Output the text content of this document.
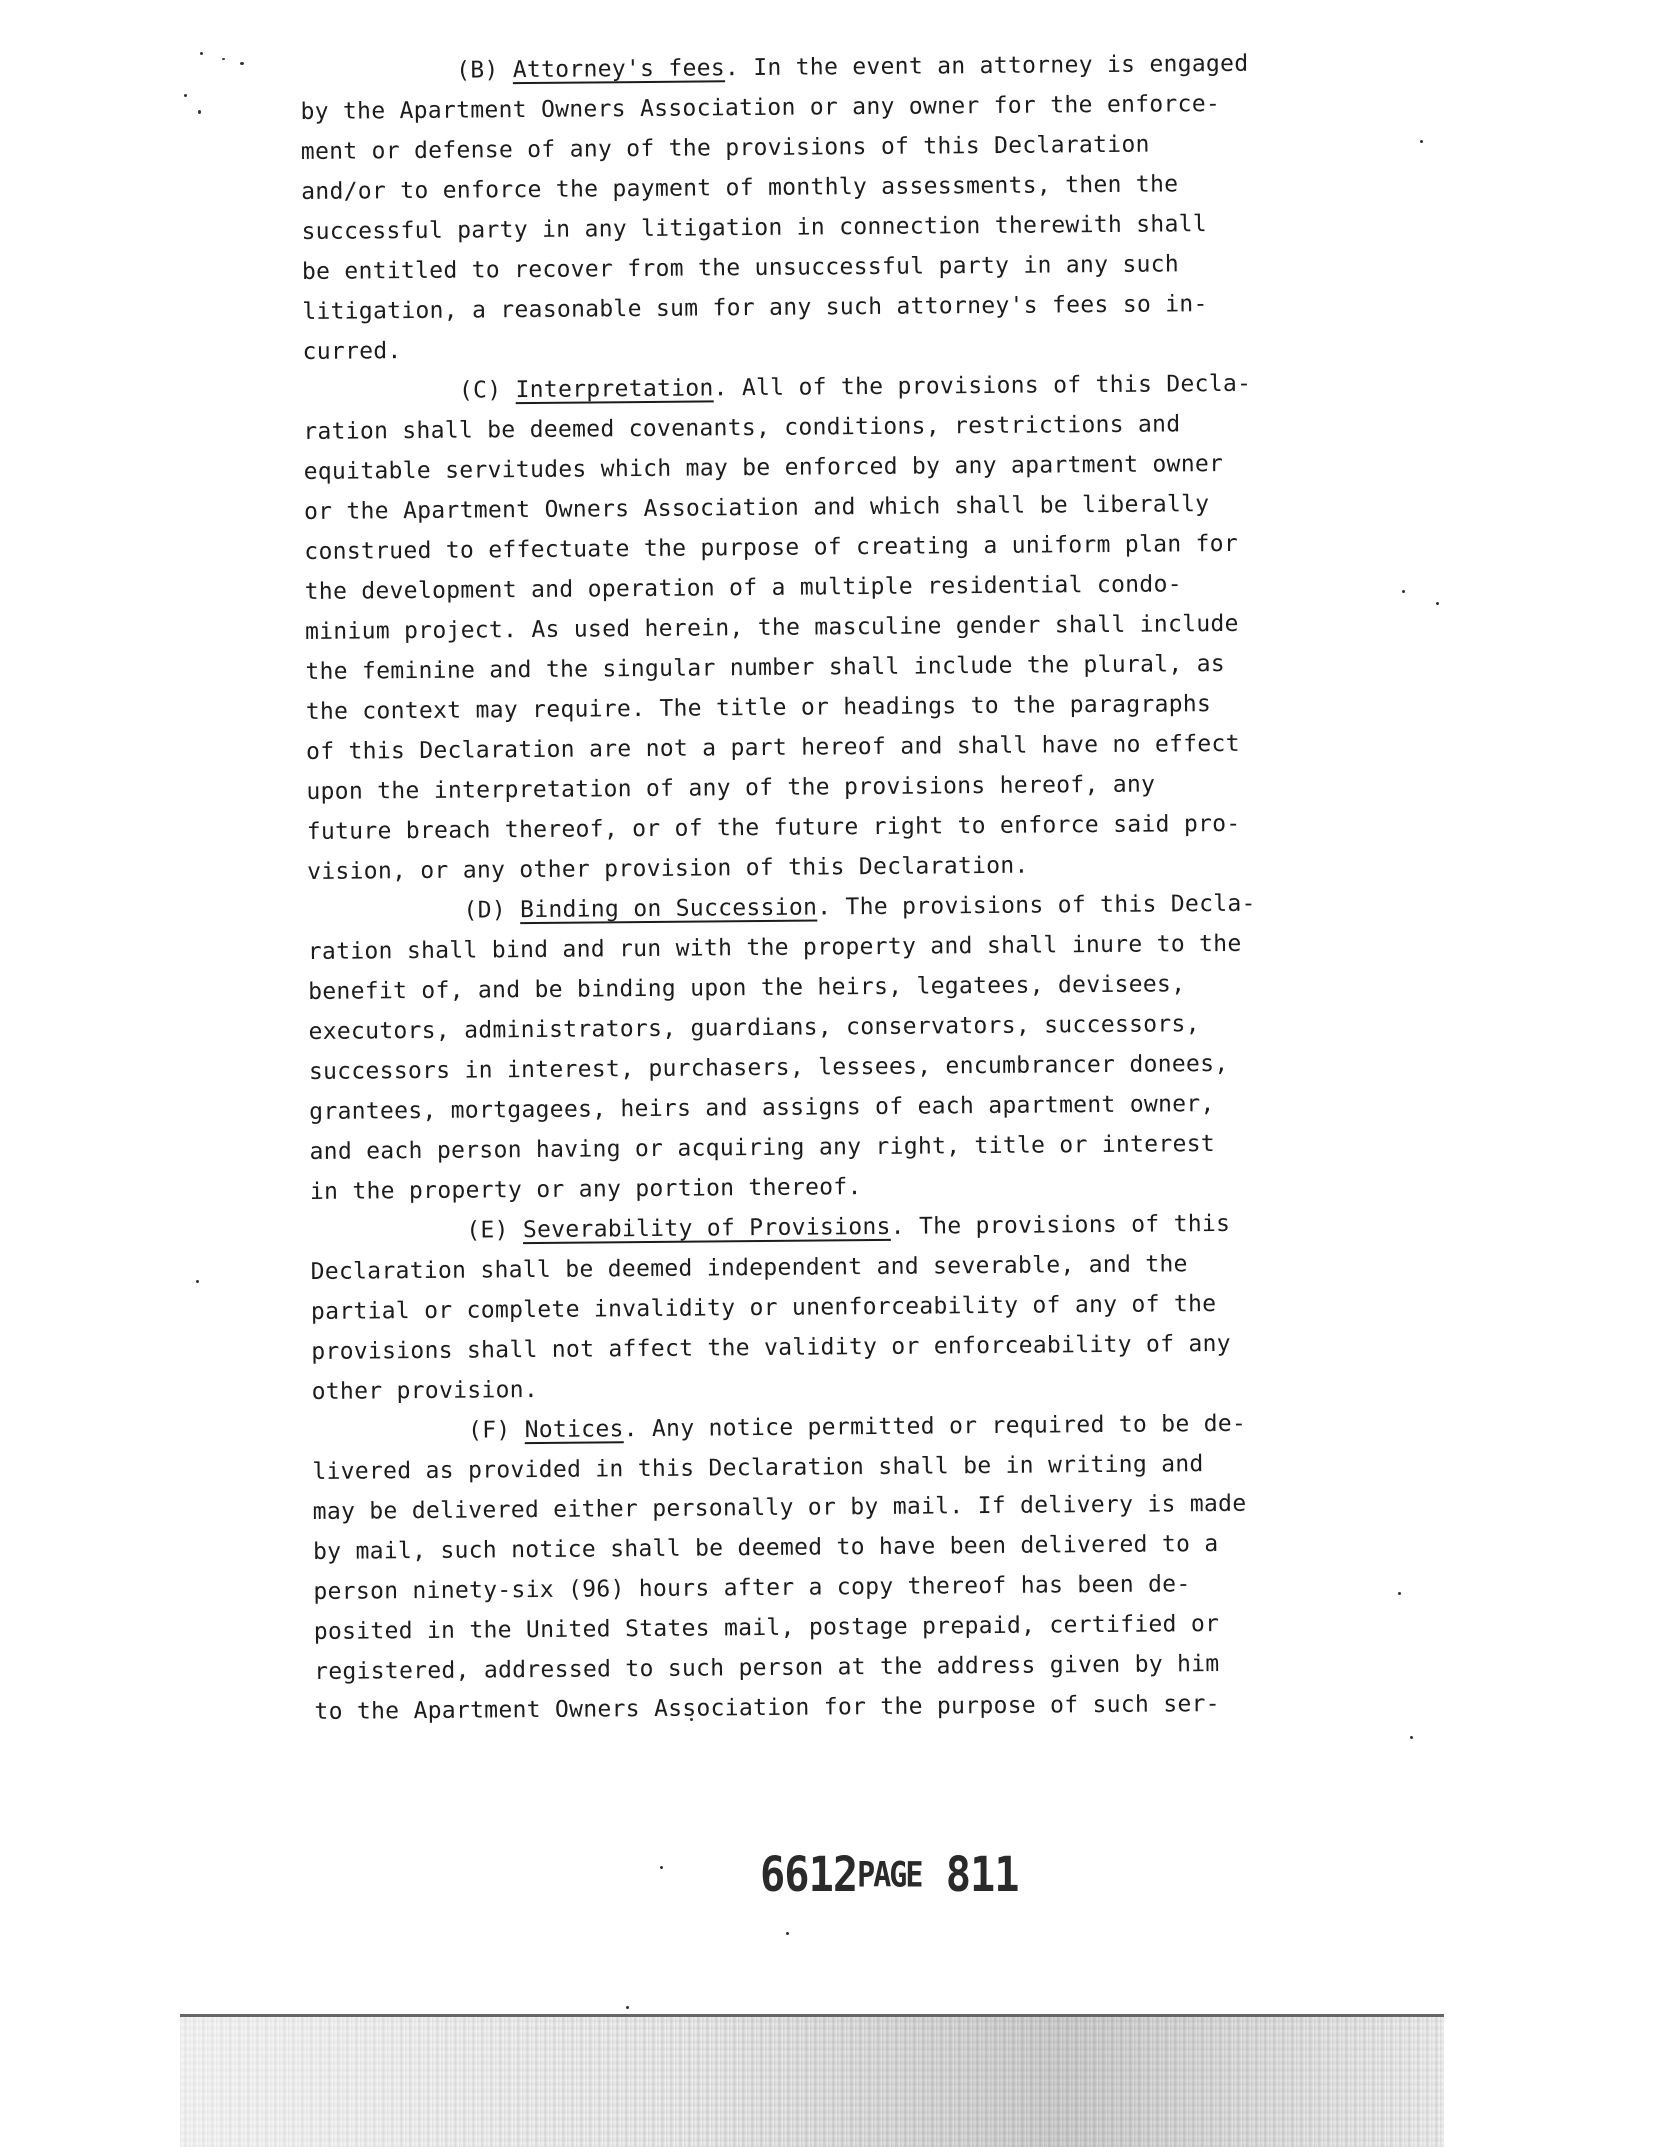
(B) Attorney's fees. In the event an attorney is engaged
by the Apartment Owners Association or any owner for the enforce-
ment or defense of any of the provisions of this Declaration
and/or to enforce the payment of monthly assessments, then the
successful party in any litigation in connection therewith shall
be entitled to recover from the unsuccessful party in any such
litigation, a reasonable sum for any such attorney's fees so in-
curred.
(C) Interpretation. All of the provisions of this Decla-
ration shall be deemed covenants, conditions, restrictions and
equitable servitudes which may be enforced by any apartment owner
or the Apartment Owners Association and which shall be liberally
construed to effectuate the purpose of creating a uniform plan for
the development and operation of a multiple residential condo-
minium project. As used herein, the masculine gender shall include
the feminine and the singular number shall include the plural, as
the context may require. The title or headings to the paragraphs
of this Declaration are not a part hereof and shall have no effect
upon the interpretation of any of the provisions hereof, any
future breach thereof, or of the future right to enforce said pro-
vision, or any other provision of this Declaration.
(D) Binding on Succession. The provisions of this Decla-
ration shall bind and run with the property and shall inure to the
benefit of, and be binding upon the heirs, legatees, devisees,
executors, administrators, guardians, conservators, successors,
successors in interest, purchasers, lessees, encumbrancer donees,
grantees, mortgagees, heirs and assigns of each apartment owner,
and each person having or acquiring any right, title or interest
in the property or any portion thereof.
(E) Severability of Provisions. The provisions of this
Declaration shall be deemed independent and severable, and the
partial or complete invalidity or unenforceability of any of the
provisions shall not affect the validity or enforceability of any
other provision.
(F) Notices. Any notice permitted or required to be de-
livered as provided in this Declaration shall be in writing and
may be delivered either personally or by mail. If delivery is made
by mail, such notice shall be deemed to have been delivered to a
person ninety-six (96) hours after a copy thereof has been de-
posited in the United States mail, postage prepaid, certified or
registered, addressed to such person at the address given by him
to the Apartment Owners Association for the purpose of such ser-
6612PAGE 811
